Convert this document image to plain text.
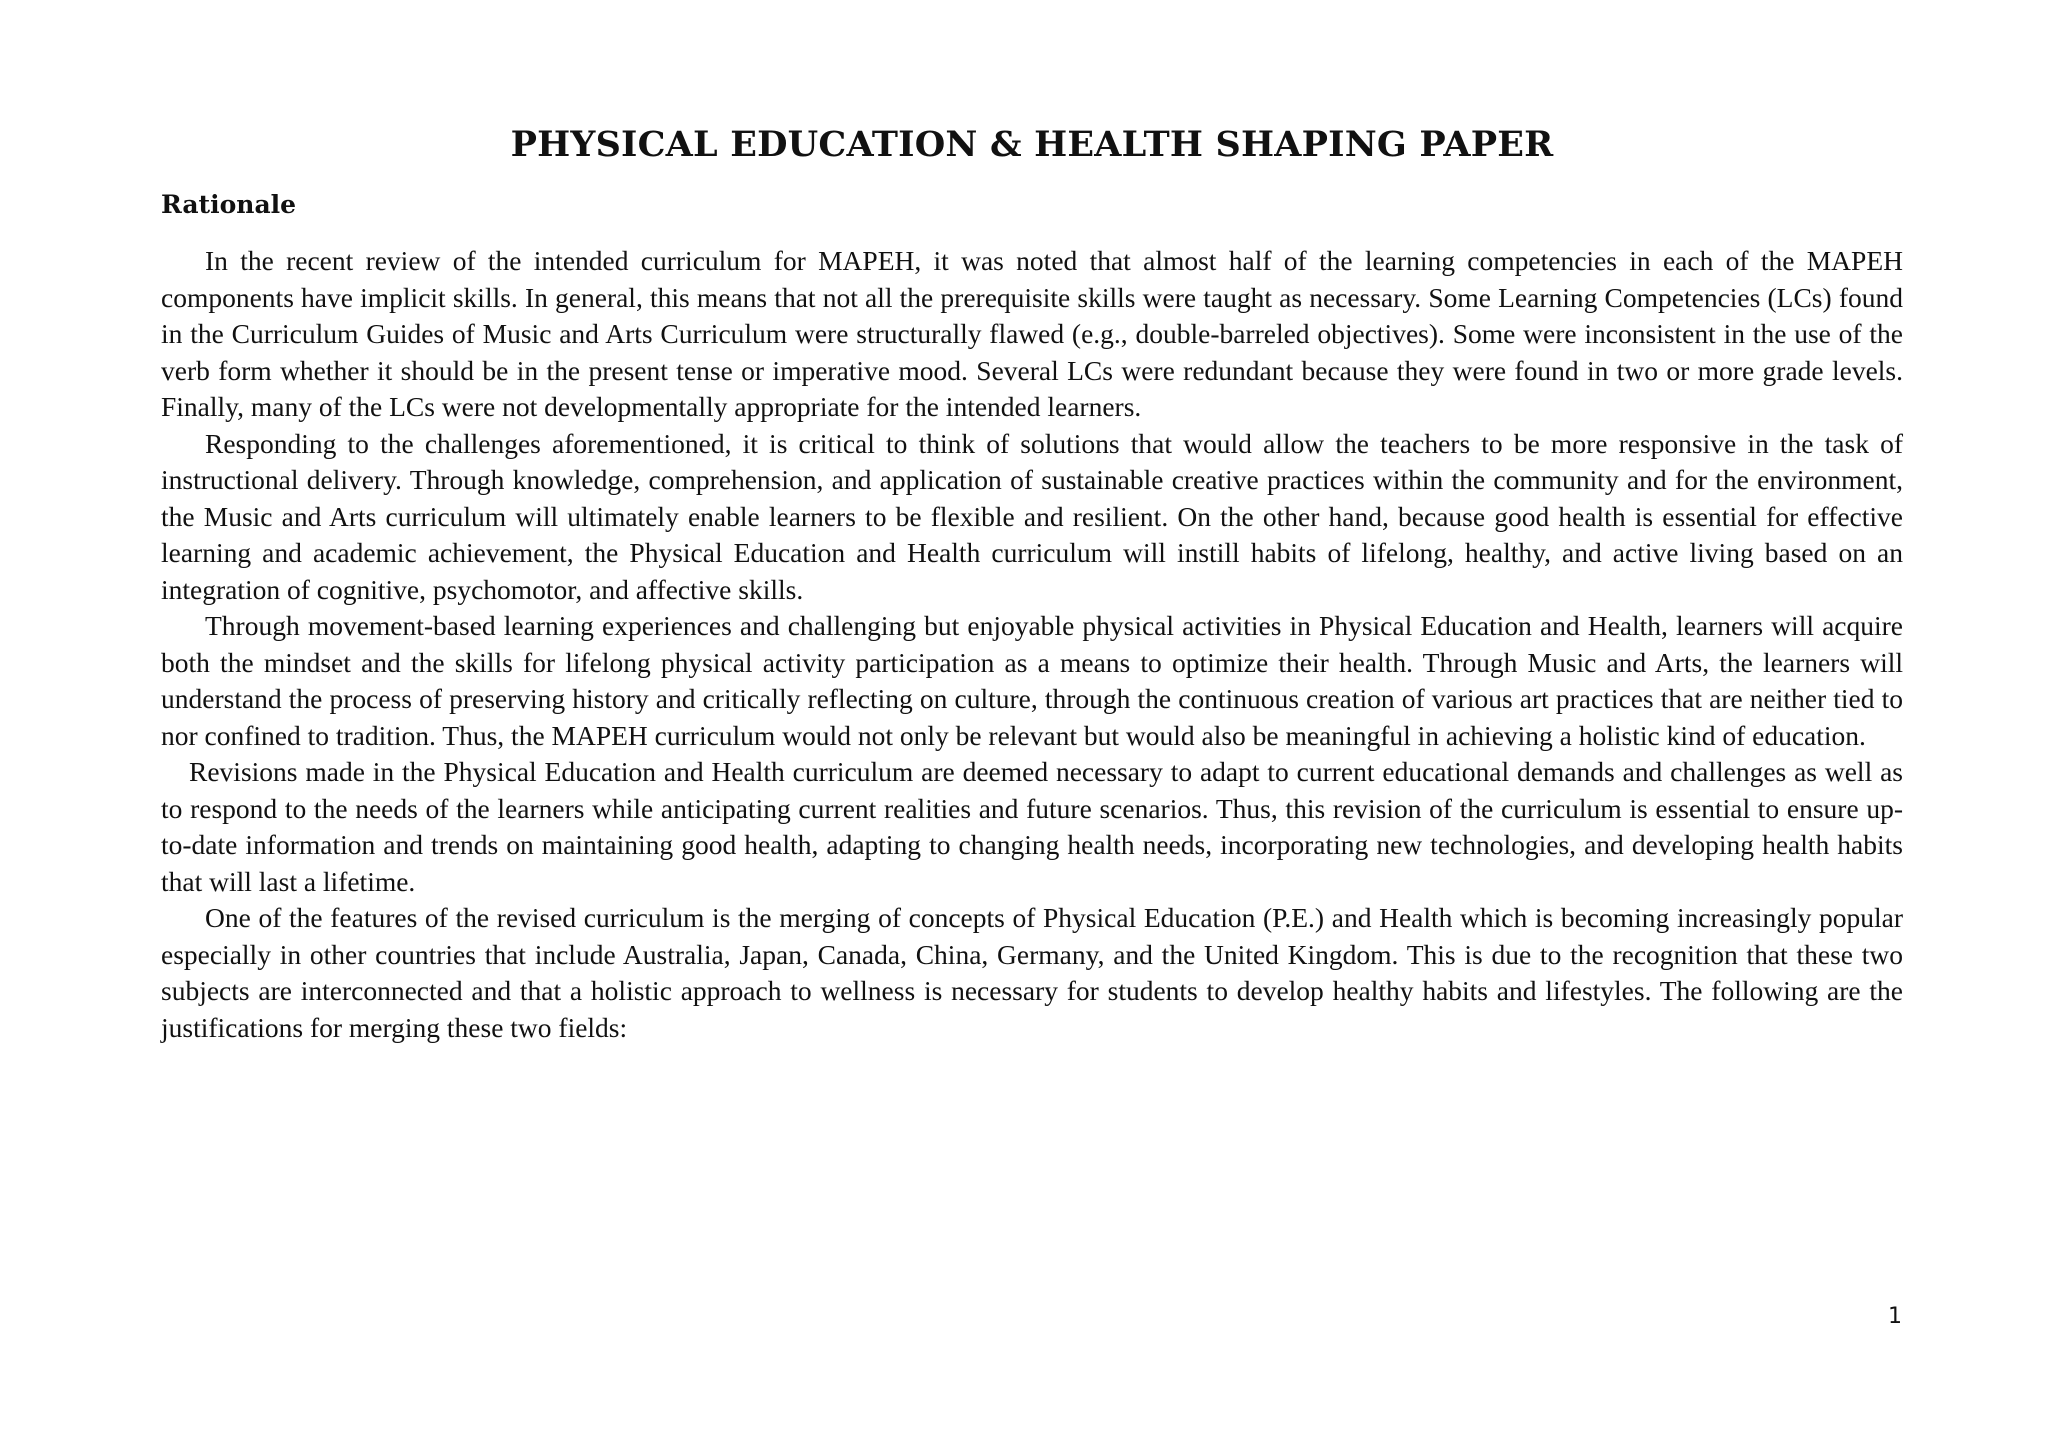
PHYSICAL EDUCATION & HEALTH SHAPING PAPER
Rationale

In the recent review of the intended curriculum for MAPEH, it was noted that almost half of the learning competencies in each of the MAPEH components have implicit skills. In general, this means that not all the prerequisite skills were taught as necessary. Some Learning Competencies (LCs) found in the Curriculum Guides of Music and Arts Curriculum were structurally flawed (e.g., double-barreled objectives). Some were inconsistent in the use of the verb form whether it should be in the present tense or imperative mood. Several LCs were redundant because they were found in two or more grade levels. Finally, many of the LCs were not developmentally appropriate for the intended learners.

Responding to the challenges aforementioned, it is critical to think of solutions that would allow the teachers to be more responsive in the task of instructional delivery. Through knowledge, comprehension, and application of sustainable creative practices within the community and for the environment, the Music and Arts curriculum will ultimately enable learners to be flexible and resilient. On the other hand, because good health is essential for effective learning and academic achievement, the Physical Education and Health curriculum will instill habits of lifelong, healthy, and active living based on an integration of cognitive, psychomotor, and affective skills.

Through movement-based learning experiences and challenging but enjoyable physical activities in Physical Education and Health, learners will acquire both the mindset and the skills for lifelong physical activity participation as a means to optimize their health. Through Music and Arts, the learners will understand the process of preserving history and critically reflecting on culture, through the continuous creation of various art practices that are neither tied to nor confined to tradition. Thus, the MAPEH curriculum would not only be relevant but would also be meaningful in achieving a holistic kind of education.

Revisions made in the Physical Education and Health curriculum are deemed necessary to adapt to current educational demands and challenges as well as to respond to the needs of the learners while anticipating current realities and future scenarios. Thus, this revision of the curriculum is essential to ensure up-to-date information and trends on maintaining good health, adapting to changing health needs, incorporating new technologies, and developing health habits that will last a lifetime.

One of the features of the revised curriculum is the merging of concepts of Physical Education (P.E.) and Health which is becoming increasingly popular especially in other countries that include Australia, Japan, Canada, China, Germany, and the United Kingdom. This is due to the recognition that these two subjects are interconnected and that a holistic approach to wellness is necessary for students to develop healthy habits and lifestyles. The following are the justifications for merging these two fields:

1
